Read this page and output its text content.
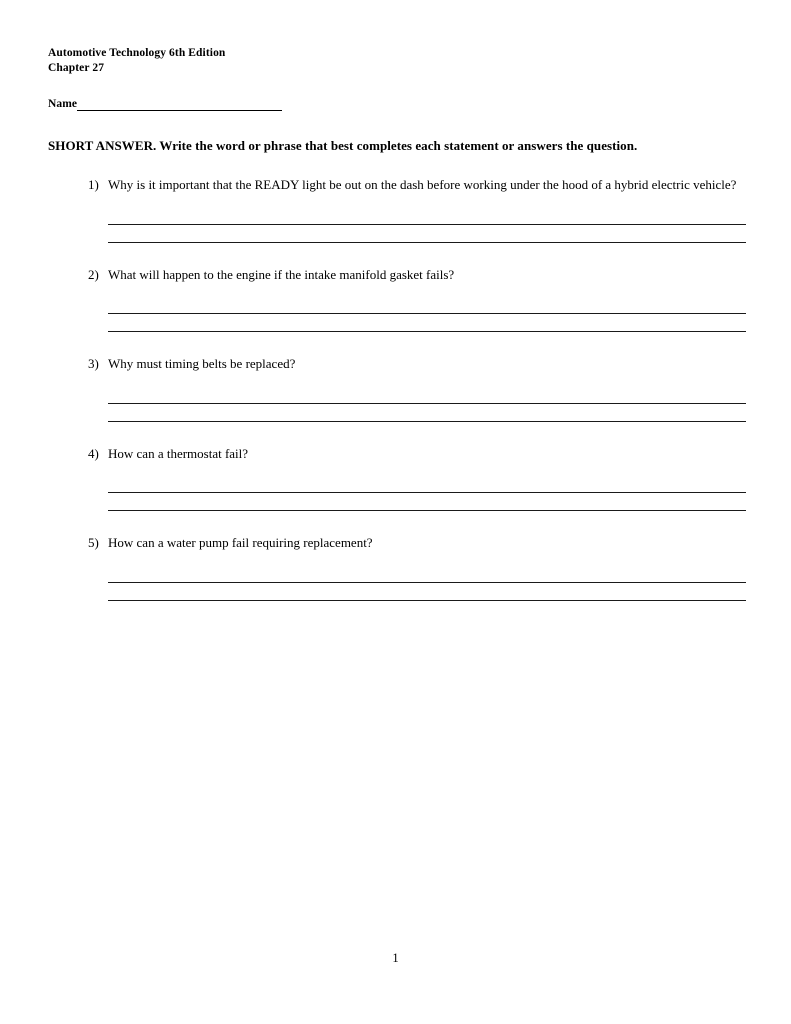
Automotive Technology 6th Edition
Chapter 27
Name
SHORT ANSWER. Write the word or phrase that best completes each statement or answers the question.
1) Why is it important that the READY light be out on the dash before working under the hood of a hybrid electric vehicle?
2) What will happen to the engine if the intake manifold gasket fails?
3) Why must timing belts be replaced?
4) How can a thermostat fail?
5) How can a water pump fail requiring replacement?
1
